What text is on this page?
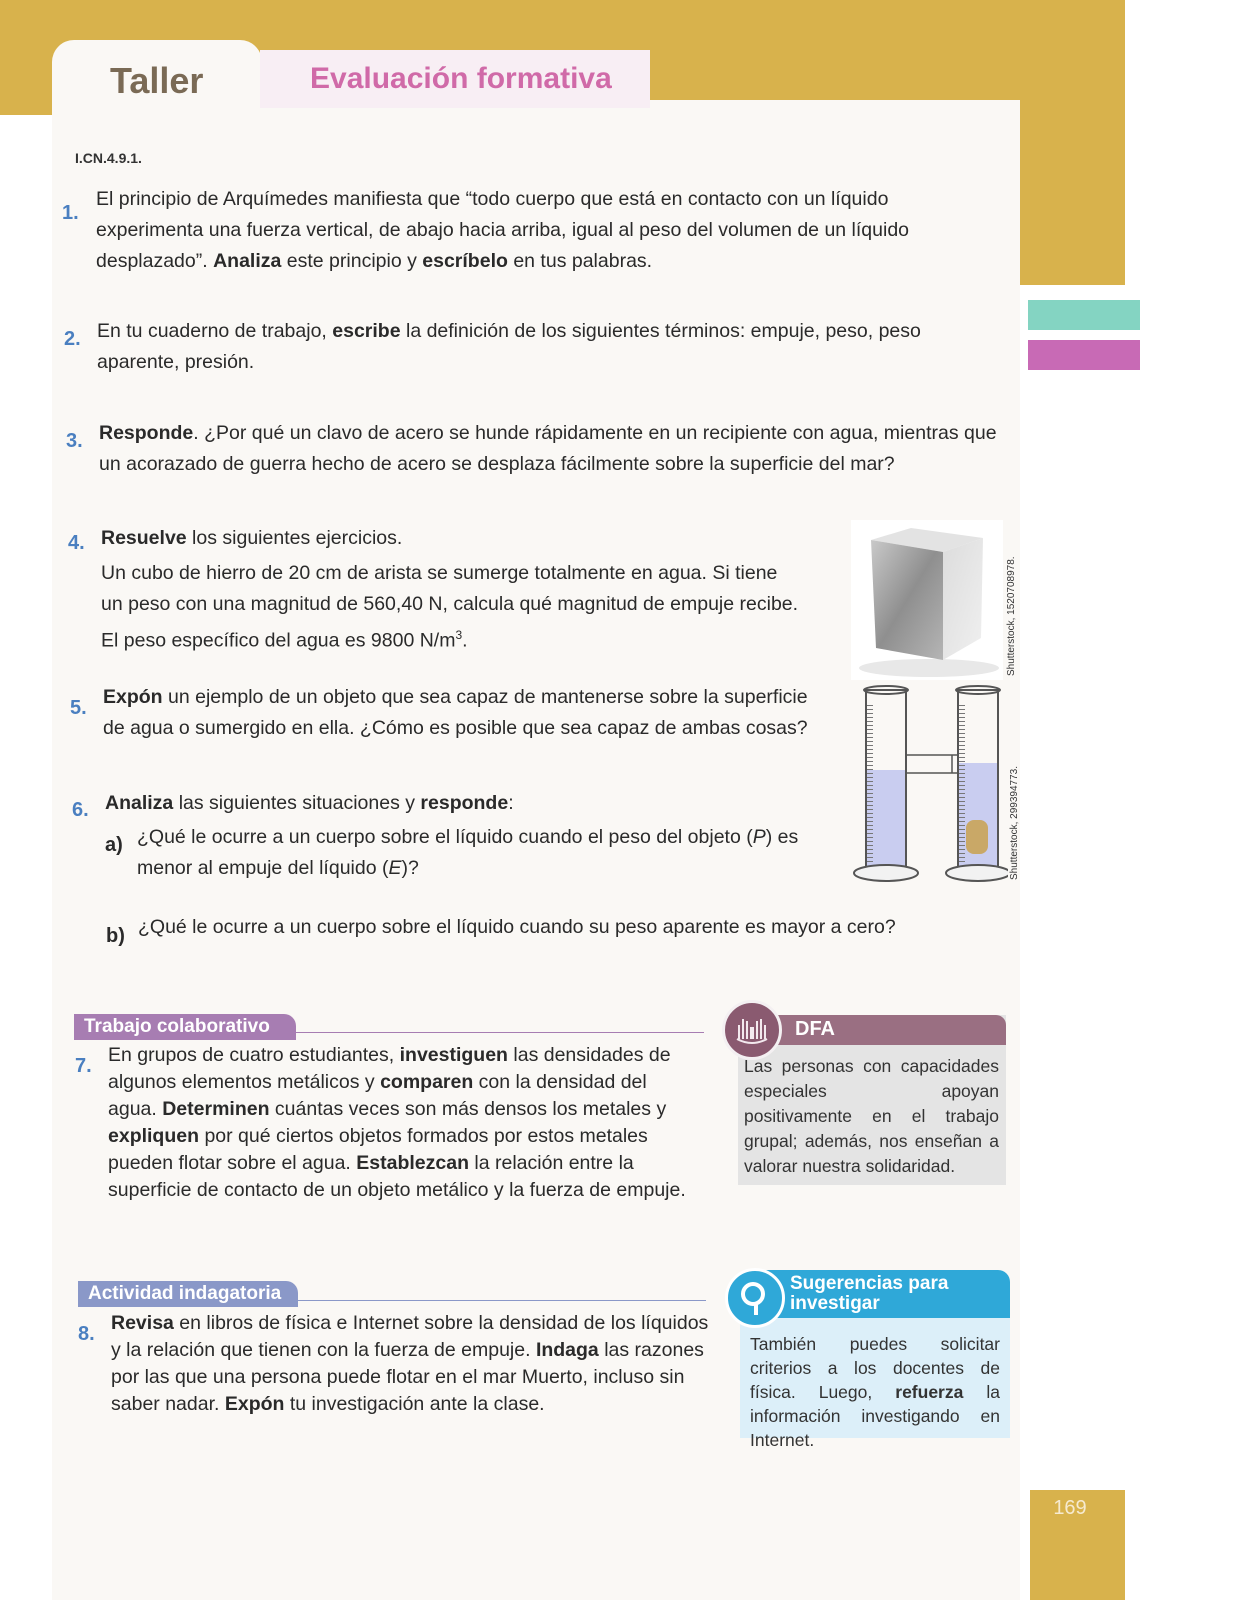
169
Taller	Evaluación formativa
I.CN.4.9.1.
1.
El principio de Arquímedes manifiesta que “todo cuerpo que está en contacto con un líquido experimenta una fuerza vertical, de abajo hacia arriba, igual al peso del volumen de un líquido desplazado”. Analiza este principio y escríbelo en tus palabras.
2. En tu cuaderno de trabajo, escribe la definición de los siguientes términos: empuje, peso, peso aparente, presión.
3. Responde. ¿Por qué un clavo de acero se hunde rápidamente en un recipiente con agua, mientras que un acorazado de guerra hecho de acero se desplaza fácilmente sobre la superficie del mar?
4. Resuelve los siguientes ejercicios.
Un cubo de hierro de 20 cm de arista se sumerge totalmente en agua. Si tiene un peso con una magnitud de 560,40 N, calcula qué magnitud de empuje recibe.
El peso específico del agua es 9800 $N/m^3$.	Shutterstock, 1520708978.
5. Expón un ejemplo de un objeto que sea capaz de mantenerse sobre la superficie de agua o sumergido en ella. ¿Cómo es posible que sea capaz de ambas cosas?
Shutterstock, 299394773.
6. Analiza las siguientes situaciones y responde:
a) ¿Qué le ocurre a un cuerpo sobre el líquido cuando el peso del objeto (P) es menor al empuje del líquido (E)?
b) ¿Qué le ocurre a un cuerpo sobre el líquido cuando su peso aparente es mayor a cero?
Trabajo colaborativo
7. En grupos de cuatro estudiantes, investiguen las densidades de algunos elementos metálicos y comparen con la densidad del agua. Determinen cuántas veces son más densos los metales y expliquen por qué ciertos objetos formados por estos metales pueden flotar sobre el agua. Establezcan la relación entre la superficie de contacto de un objeto metálico y la fuerza de empuje.
DFA
Las personas con capacidades especiales apoyan positivamente en el trabajo grupal; además, nos enseñan a valorar nuestra solidaridad.
Actividad indagatoria
8. Revisa en libros de física e Internet sobre la densidad de los líquidos y la relación que tienen con la fuerza de empuje. Indaga las razones por las que una persona puede flotar en el mar Muerto, incluso sin saber nadar. Expón tu investigación ante la clase.
Sugerencias para investigar
También puedes solicitar criterios a los docentes de física. Luego, refuerza la información investigando en Internet.
